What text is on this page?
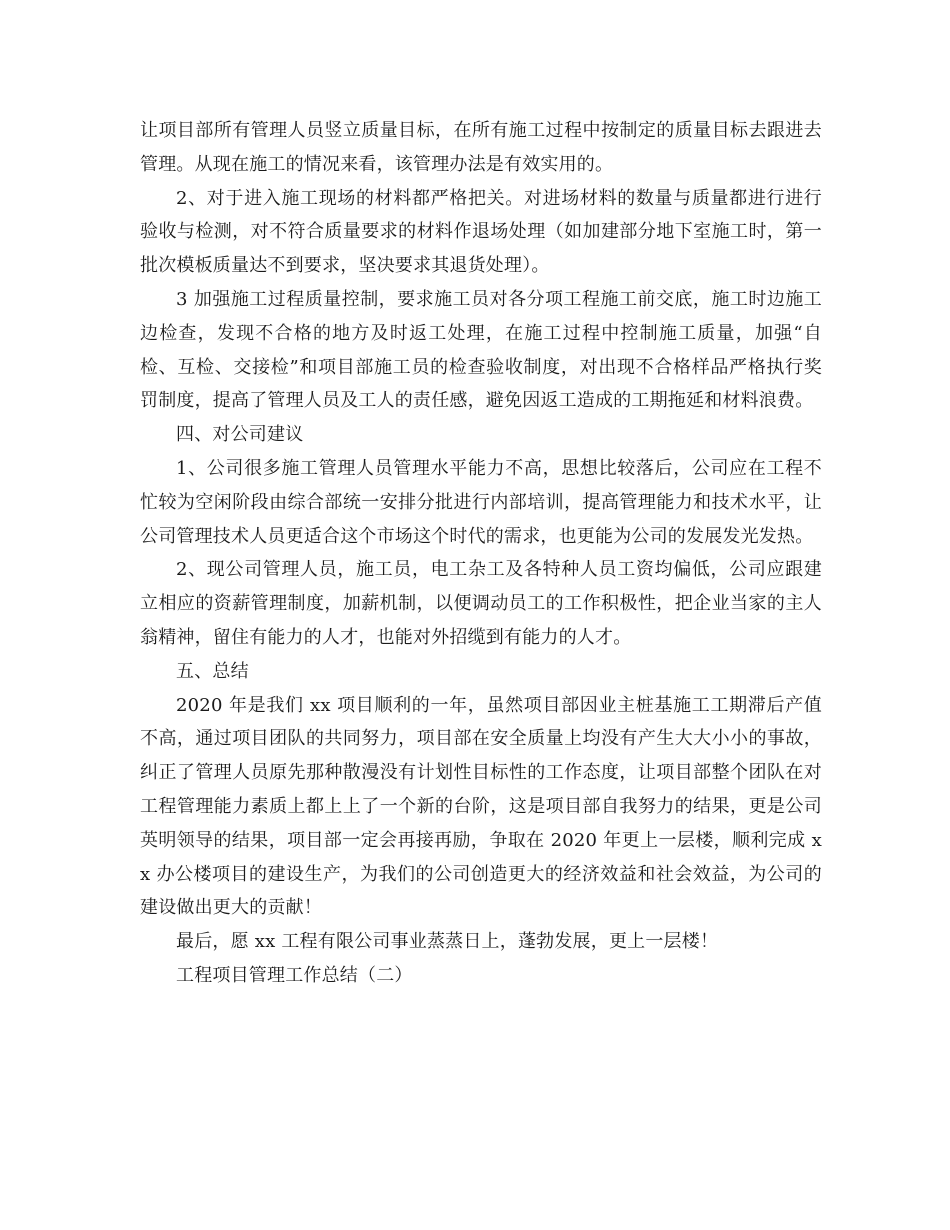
让项目部所有管理人员竖立质量目标，在所有施工过程中按制定的质量目标去跟进去管理。从现在施工的情况来看，该管理办法是有效实用的。

2、对于进入施工现场的材料都严格把关。对进场材料的数量与质量都进行进行验收与检测，对不符合质量要求的材料作退场处理（如加建部分地下室施工时，第一批次模板质量达不到要求，坚决要求其退货处理）。

3 加强施工过程质量控制，要求施工员对各分项工程施工前交底，施工时边施工边检查，发现不合格的地方及时返工处理，在施工过程中控制施工质量，加强“自检、互检、交接检”和项目部施工员的检查验收制度，对出现不合格样品严格执行奖罚制度，提高了管理人员及工人的责任感，避免因返工造成的工期拖延和材料浪费。

四、对公司建议

1、公司很多施工管理人员管理水平能力不高，思想比较落后，公司应在工程不忙较为空闲阶段由综合部统一安排分批进行内部培训，提高管理能力和技术水平，让公司管理技术人员更适合这个市场这个时代的需求，也更能为公司的发展发光发热。

2、现公司管理人员，施工员，电工杂工及各特种人员工资均偏低，公司应跟建立相应的资薪管理制度，加薪机制，以便调动员工的工作积极性，把企业当家的主人翁精神，留住有能力的人才，也能对外招缆到有能力的人才。

五、总结

2020 年是我们 xx 项目顺利的一年，虽然项目部因业主桩基施工工期滞后产值不高，通过项目团队的共同努力，项目部在安全质量上均没有产生大大小小的事故，纠正了管理人员原先那种散漫没有计划性目标性的工作态度，让项目部整个团队在对工程管理能力素质上都上上了一个新的台阶，这是项目部自我努力的结果，更是公司英明领导的结果，项目部一定会再接再励，争取在 2020 年更上一层楼，顺利完成 xx 办公楼项目的建设生产，为我们的公司创造更大的经济效益和社会效益，为公司的建设做出更大的贡献！

最后，愿 xx 工程有限公司事业蒸蒸日上，蓬勃发展，更上一层楼！

工程项目管理工作总结（二）
